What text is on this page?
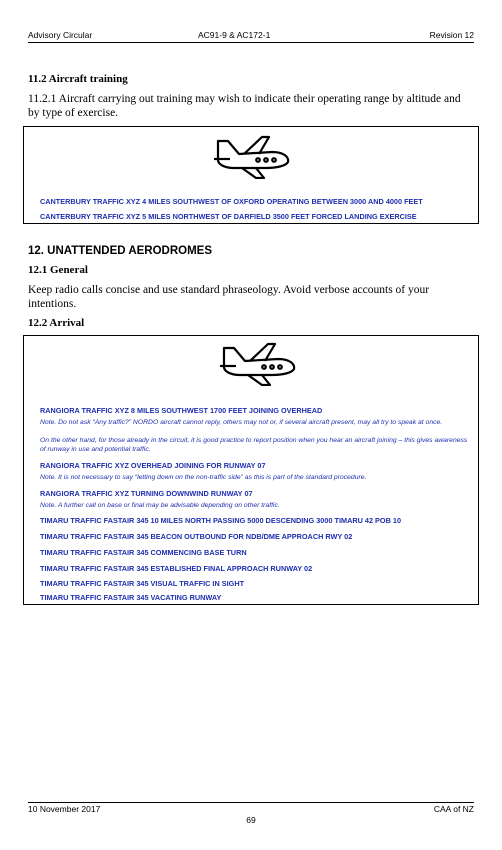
Advisory Circular	AC91-9 & AC172-1	Revision 12
11.2 Aircraft training
11.2.1 Aircraft carrying out training may wish to indicate their operating range by altitude and by type of exercise.
CANTERBURY TRAFFIC XYZ 4 MILES SOUTHWEST OF OXFORD OPERATING BETWEEN 3000 AND 4000 FEET
CANTERBURY TRAFFIC XYZ 5 MILES NORTHWEST OF DARFIELD 3500 FEET FORCED LANDING EXERCISE
12. UNATTENDED AERODROMES
12.1 General
Keep radio calls concise and use standard phraseology. Avoid verbose accounts of your intentions.
12.2 Arrival
RANGIORA TRAFFIC XYZ 8 MILES SOUTHWEST 1700 FEET JOINING OVERHEAD
Note. Do not ask “Any traffic?” NORDO aircraft cannot reply, others may not or, if several aircraft present, may all try to speak at once.
On the other hand, for those already in the circuit, it is good practice to report position when you hear an aircraft joining – this gives awareness of runway in use and potential traffic.
RANGIORA TRAFFIC XYZ OVERHEAD JOINING FOR RUNWAY 07
Note. It is not necessary to say “letting down on the non-traffic side” as this is part of the standard procedure.
RANGIORA TRAFFIC XYZ TURNING DOWNWIND RUNWAY 07
Note. A further call on base or final may be advisable depending on other traffic.
TIMARU TRAFFIC FASTAIR 345 10 MILES NORTH PASSING 5000 DESCENDING 3000 TIMARU 42 POB 10
TIMARU TRAFFIC FASTAIR 345 BEACON OUTBOUND FOR NDB/DME APPROACH RWY 02
TIMARU TRAFFIC FASTAIR 345 COMMENCING BASE TURN
TIMARU TRAFFIC FASTAIR 345 ESTABLISHED FINAL APPROACH RUNWAY 02
TIMARU TRAFFIC FASTAIR 345 VISUAL TRAFFIC IN SIGHT
TIMARU TRAFFIC FASTAIR 345 VACATING RUNWAY
10 November 2017	CAA of NZ
69
